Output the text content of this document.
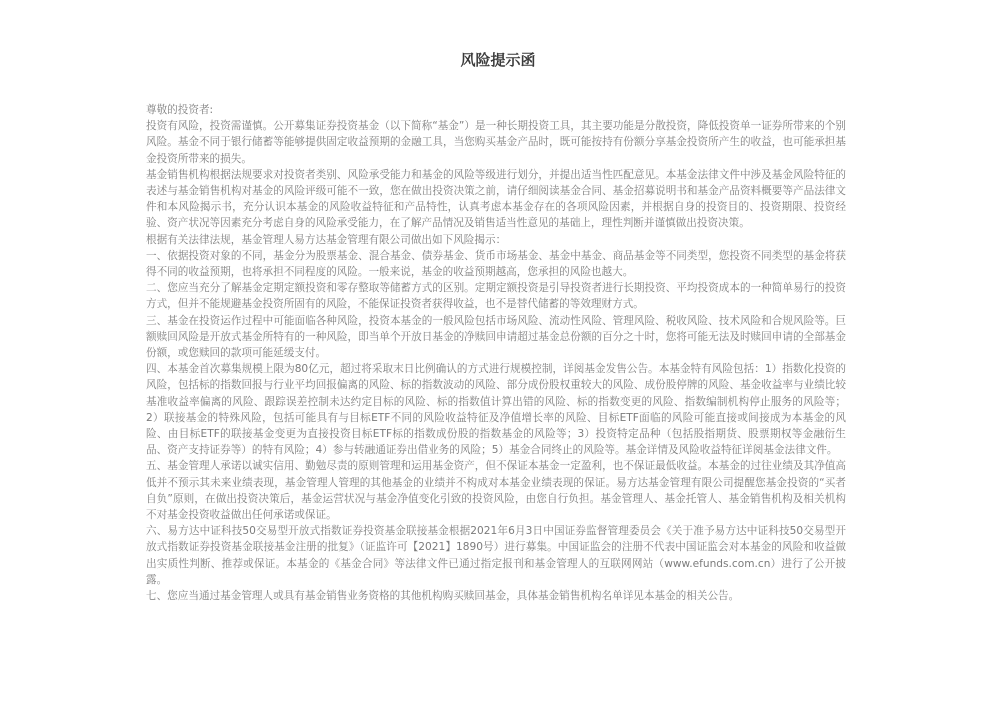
风险提示函

尊敬的投资者:

投资有风险，投资需谨慎。公开募集证券投资基金（以下简称“基金”）是一种长期投资工具，其主要功能是分散投资，降低投资单一证券所带来的个别风险。基金不同于银行储蓄等能够提供固定收益预期的金融工具，当您购买基金产品时，既可能按持有份额分享基金投资所产生的收益，也可能承担基金投资所带来的损失。

基金销售机构根据法规要求对投资者类别、风险承受能力和基金的风险等级进行划分，并提出适当性匹配意见。本基金法律文件中涉及基金风险特征的表述与基金销售机构对基金的风险评级可能不一致，您在做出投资决策之前，请仔细阅读基金合同、基金招募说明书和基金产品资料概要等产品法律文件和本风险揭示书，充分认识本基金的风险收益特征和产品特性，认真考虑本基金存在的各项风险因素，并根据自身的投资目的、投资期限、投资经验、资产状况等因素充分考虑自身的风险承受能力，在了解产品情况及销售适当性意见的基础上，理性判断并谨慎做出投资决策。

根据有关法律法规，基金管理人易方达基金管理有限公司做出如下风险揭示：

一、依据投资对象的不同，基金分为股票基金、混合基金、债券基金、货币市场基金、基金中基金、商品基金等不同类型，您投资不同类型的基金将获得不同的收益预期，也将承担不同程度的风险。一般来说，基金的收益预期越高，您承担的风险也越大。

二、您应当充分了解基金定期定额投资和零存整取等储蓄方式的区别。定期定额投资是引导投资者进行长期投资、平均投资成本的一种简单易行的投资方式，但并不能规避基金投资所固有的风险，不能保证投资者获得收益，也不是替代储蓄的等效理财方式。

三、基金在投资运作过程中可能面临各种风险，投资本基金的一般风险包括市场风险、流动性风险、管理风险、税收风险、技术风险和合规风险等。巨额赎回风险是开放式基金所特有的一种风险，即当单个开放日基金的净赎回申请超过基金总份额的百分之十时，您将可能无法及时赎回申请的全部基金份额，或您赎回的款项可能延缓支付。

四、本基金首次募集规模上限为80亿元，超过将采取末日比例确认的方式进行规模控制，详阅基金发售公告。本基金特有风险包括：1）指数化投资的风险，包括标的指数回报与行业平均回报偏离的风险、标的指数波动的风险、部分成份股权重较大的风险、成份股停牌的风险、基金收益率与业绩比较基准收益率偏离的风险、跟踪误差控制未达约定目标的风险、标的指数值计算出错的风险、标的指数变更的风险、指数编制机构停止服务的风险等；2）联接基金的特殊风险，包括可能具有与目标ETF不同的风险收益特征及净值增长率的风险、目标ETF面临的风险可能直接或间接成为本基金的风险、由目标ETF的联接基金变更为直接投资目标ETF标的指数成份股的指数基金的风险等；3）投资特定品种（包括股指期货、股票期权等金融衍生品、资产支持证券等）的特有风险；4）参与转融通证券出借业务的风险；5）基金合同终止的风险等。基金详情及风险收益特征详阅基金法律文件。

五、基金管理人承诺以诚实信用、勤勉尽责的原则管理和运用基金资产，但不保证本基金一定盈利，也不保证最低收益。本基金的过往业绩及其净值高低并不预示其未来业绩表现，基金管理人管理的其他基金的业绩并不构成对本基金业绩表现的保证。易方达基金管理有限公司提醒您基金投资的“买者自负”原则，在做出投资决策后，基金运营状况与基金净值变化引致的投资风险，由您自行负担。基金管理人、基金托管人、基金销售机构及相关机构不对基金投资收益做出任何承诺或保证。

六、易方达中证科技50交易型开放式指数证券投资基金联接基金根据2021年6月3日中国证券监督管理委员会《关于准予易方达中证科技50交易型开放式指数证券投资基金联接基金注册的批复》（证监许可【2021】1890号）进行募集。中国证监会的注册不代表中国证监会对本基金的风险和收益做出实质性判断、推荐或保证。本基金的《基金合同》等法律文件已通过指定报刊和基金管理人的互联网网站（www.efunds.com.cn）进行了公开披露。

七、您应当通过基金管理人或具有基金销售业务资格的其他机构购买赎回基金，具体基金销售机构名单详见本基金的相关公告。
